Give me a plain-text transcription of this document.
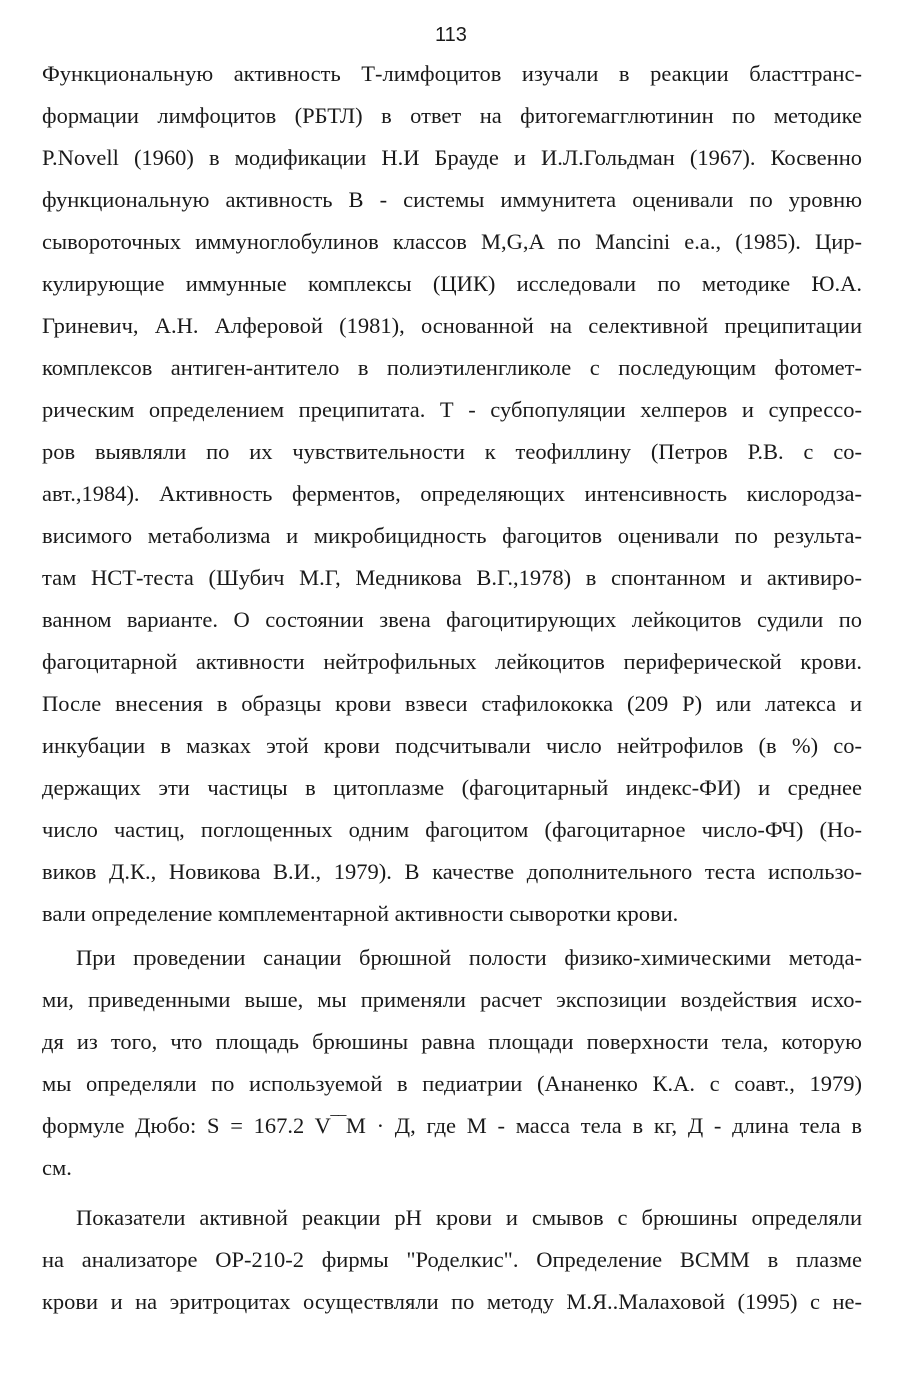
113
Функциональную активность Т-лимфоцитов изучали в реакции бласттранс-
формации лимфоцитов (РБТЛ) в ответ на фитогемагглютинин по методике
P.Novell (1960) в модификации Н.И Брауде и И.Л.Гольдман (1967). Косвенно
функциональную активность В - системы иммунитета оценивали по уровню
сывороточных иммуноглобулинов классов M,G,A по Mancini e.a., (1985). Цир-
кулирующие иммунные комплексы (ЦИК) исследовали по методике Ю.А.
Гриневич, А.Н. Алферовой (1981), основанной на селективной преципитации
комплексов антиген-антитело в полиэтиленгликоле с последующим фотомет-
рическим определением преципитата. Т - субпопуляции хелперов и супрессо-
ров выявляли по их чувствительности к теофиллину (Петров Р.В. с со-
авт.,1984). Активность ферментов, определяющих интенсивность кислородза-
висимого метаболизма и микробицидность фагоцитов оценивали по результа-
там НСТ-теста (Шубич М.Г, Медникова В.Г.,1978) в спонтанном и активиро-
ванном варианте. О состоянии звена фагоцитирующих лейкоцитов судили по
фагоцитарной активности нейтрофильных лейкоцитов периферической крови.
После внесения в образцы крови взвеси стафилококка (209 Р) или латекса и
инкубации в мазках этой крови подсчитывали число нейтрофилов (в %) со-
держащих эти частицы в цитоплазме (фагоцитарный индекс-ФИ) и среднее
число частиц, поглощенных одним фагоцитом (фагоцитарное число-ФЧ) (Но-
виков Д.К., Новикова В.И., 1979). В качестве дополнительного теста использо-
вали определение комплементарной активности сыворотки крови.
При проведении санации брюшной полости физико-химическими метода-
ми, приведенными выше, мы применяли расчет экспозиции воздействия исхо-
дя из того, что площадь брюшины равна площади поверхности тела, которую
мы определяли по используемой в педиатрии (Ананенко К.А. с соавт., 1979)
формуле Дюбо: S = 167.2 V‾‾M · Д, где М - масса тела в кг, Д - длина тела в
см.
Показатели активной реакции рН крови и смывов с брюшины определяли
на анализаторе ОР-210-2 фирмы "Роделкис". Определение ВСММ в плазме
крови и на эритроцитах осуществляли по методу М.Я..Малаховой (1995) с не-
